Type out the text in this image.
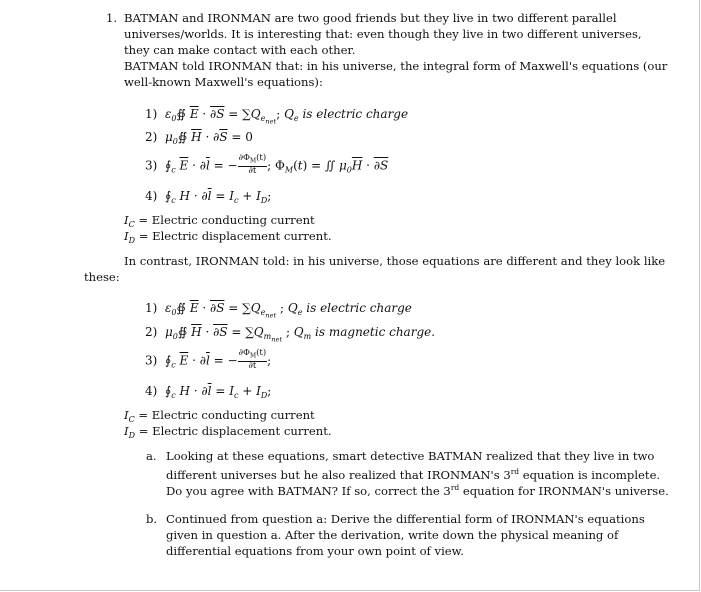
1. BATMAN and IRONMAN are two good friends but they live in two different parallel
universes/worlds. It is interesting that: even though they live in two different universes,
they can make contact with each other.
BATMAN told IRONMAN that: in his universe, the integral form of Maxwell's equations (our
well-known Maxwell's equations):
1) $\varepsilon_0∯$ $\overline{E} \cdot \partial S = \sum Q_{e_{net}}$; $Q_e$ is electric charge
2) $\mu_0∯$ $\overline{H} \cdot \partial\overline{S} = 0$
3)  $∮_c$ $\overline{E} \cdot \partial\overline{l}$ = − $\frac{\partial\Phi_M(t)}{\partial t}$ ; $\Phi_M(t)$ = ∬ $\mu_0\overline{H} \cdot \partial S$
4)  $∮_c$ $H \cdot \partial\overline{l} = I_c + I_D$;
$I_C$ = Electric conducting current
$I_D$ = Electric displacement current.
In contrast, IRONMAN told: in his universe, those equations are different and they look like
these:
1) $\varepsilon_0∯$ $\overline{E} \cdot \partial S = \sum Q_{e_{net}}$ ; $Q_e$ is electric charge
2) $\mu_0∯$ $\overline{H} \cdot \partial S = \sum Q_{m_{net}}$ ; $Q_m$ is magnetic charge.
3)  $∮_c$ $\overline{E} \cdot \partial\overline{l}$ = − $\frac{\partial\Phi_M(t)}{\partial t}$ ;
4)  $∮_c$ $H \cdot \partial\overline{l} = I_c + I_D$;
$I_C$ = Electric conducting current
$I_D$ = Electric displacement current.
a. Looking at these equations, smart detective BATMAN realized that they live in two
different universes but he also realized that IRONMAN's 3rd equation is incomplete.
Do you agree with BATMAN? If so, correct the 3rd equation for IRONMAN's universe.
b. Continued from question a: Derive the differential form of IRONMAN's equations
given in question a. After the derivation, write down the physical meaning of
differential equations from your own point of view.
